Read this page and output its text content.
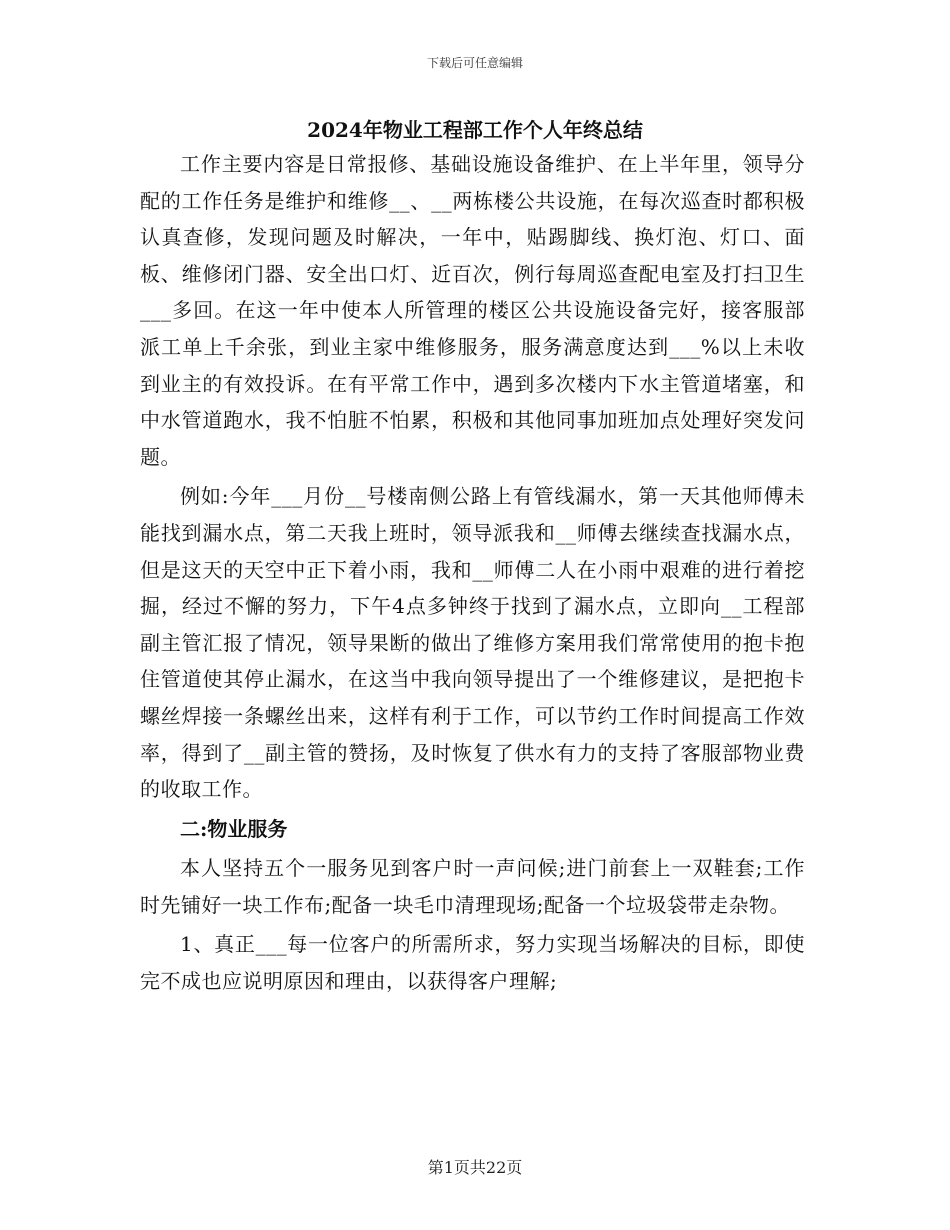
下载后可任意编辑
2024年物业工程部工作个人年终总结

工作主要内容是日常报修、基础设施设备维护、在上半年里，领导分配的工作任务是维护和维修__、__两栋楼公共设施，在每次巡查时都积极认真查修，发现问题及时解决，一年中，贴踢脚线、换灯泡、灯口、面板、维修闭门器、安全出口灯、近百次，例行每周巡查配电室及打扫卫生___多回。在这一年中使本人所管理的楼区公共设施设备完好，接客服部派工单上千余张，到业主家中维修服务，服务满意度达到___%以上未收到业主的有效投诉。在有平常工作中，遇到多次楼内下水主管道堵塞，和中水管道跑水，我不怕脏不怕累，积极和其他同事加班加点处理好突发问题。

例如:今年___月份__号楼南侧公路上有管线漏水，第一天其他师傅未能找到漏水点，第二天我上班时，领导派我和__师傅去继续查找漏水点，但是这天的天空中正下着小雨，我和__师傅二人在小雨中艰难的进行着挖掘，经过不懈的努力，下午4点多钟终于找到了漏水点，立即向__工程部副主管汇报了情况，领导果断的做出了维修方案用我们常常使用的抱卡抱住管道使其停止漏水，在这当中我向领导提出了一个维修建议，是把抱卡螺丝焊接一条螺丝出来，这样有利于工作，可以节约工作时间提高工作效率，得到了__副主管的赞扬，及时恢复了供水有力的支持了客服部物业费的收取工作。

二:物业服务

本人坚持五个一服务见到客户时一声问候;进门前套上一双鞋套;工作时先铺好一块工作布;配备一块毛巾清理现场;配备一个垃圾袋带走杂物。

1、真正___每一位客户的所需所求，努力实现当场解决的目标，即使完不成也应说明原因和理由，以获得客户理解;

第1页共22页
